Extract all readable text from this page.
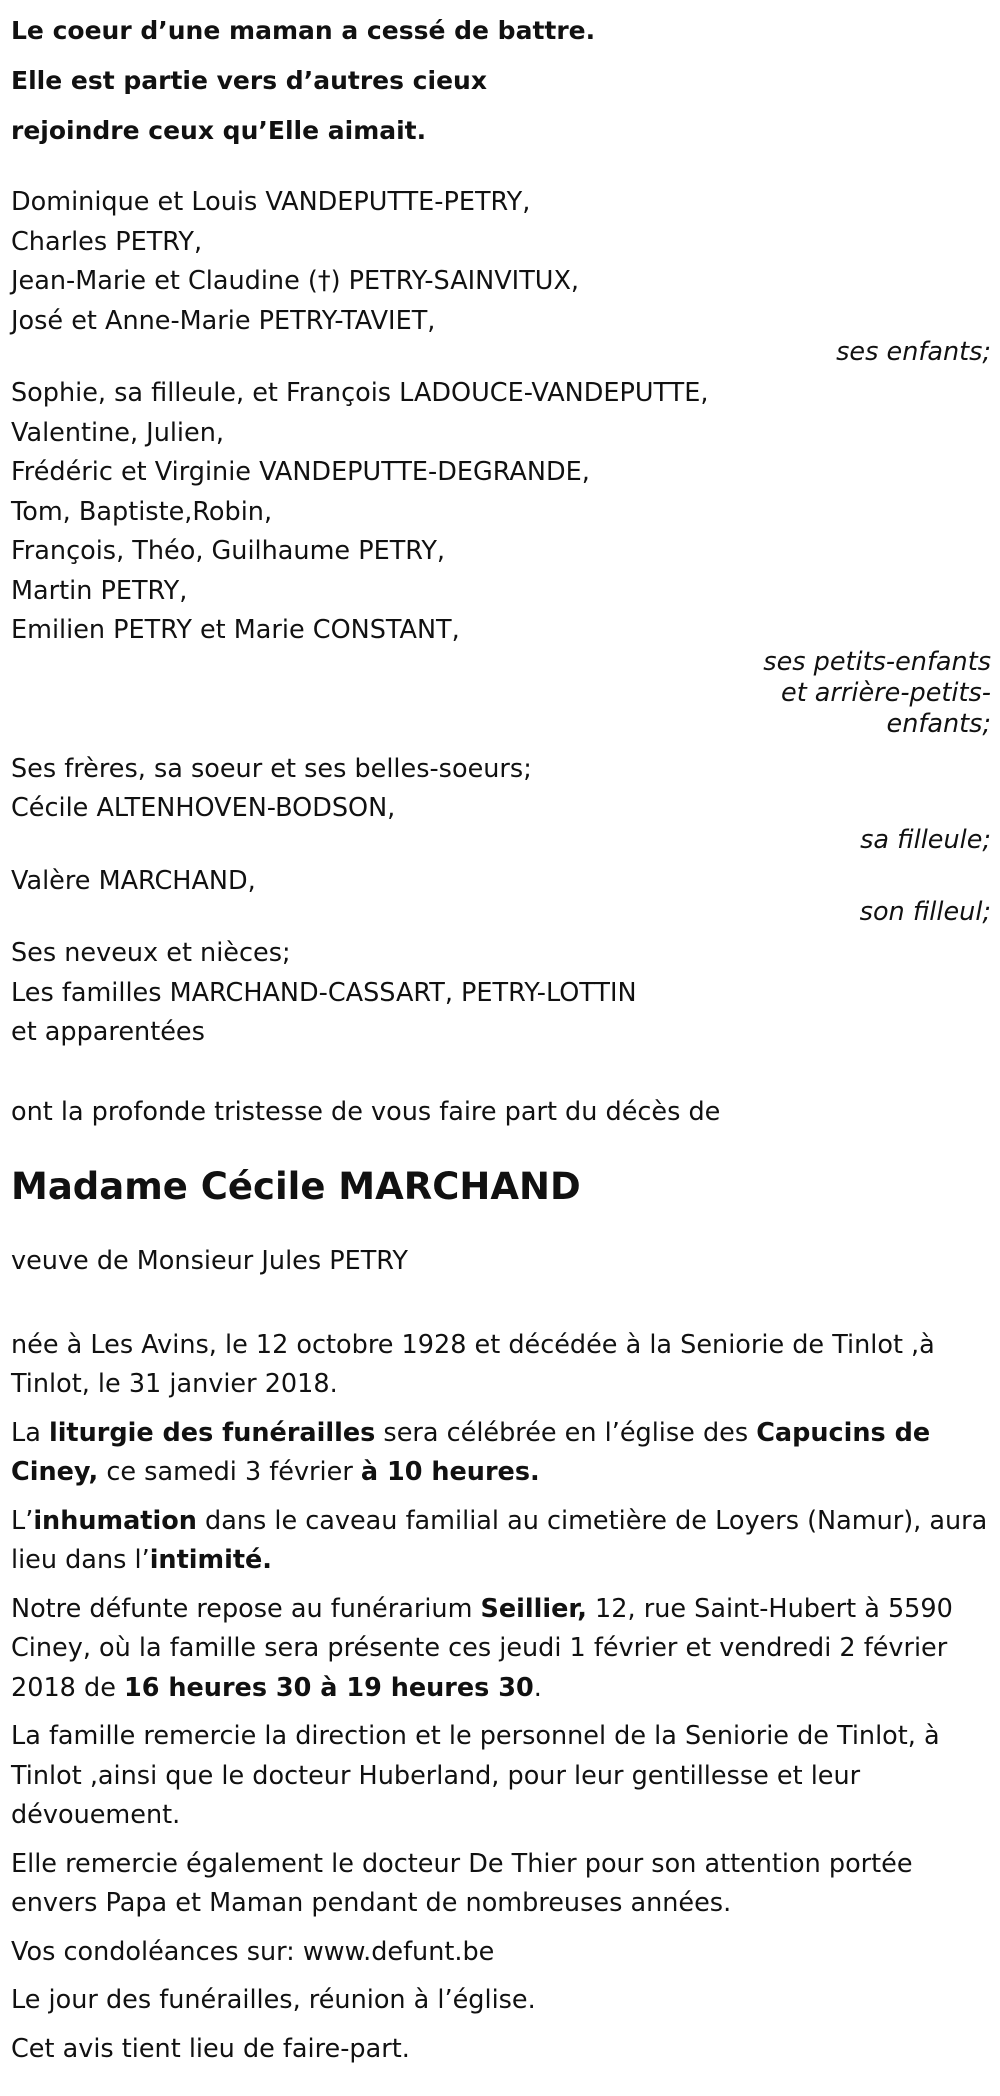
Le coeur d’une maman a cessé de battre.
Elle est partie vers d’autres cieux
rejoindre ceux qu’Elle aimait.
Dominique et Louis VANDEPUTTE-PETRY,
Charles PETRY,
Jean-Marie et Claudine (†) PETRY-SAINVITUX,
José et Anne-Marie PETRY-TAVIET,
ses enfants;
Sophie, sa filleule, et François LADOUCE-VANDEPUTTE,
Valentine, Julien,
Frédéric et Virginie VANDEPUTTE-DEGRANDE,
Tom, Baptiste,Robin,
François, Théo, Guilhaume PETRY,
Martin PETRY,
Emilien PETRY et Marie CONSTANT,
ses petits-enfants
et arrière-petits-
enfants;
Ses frères, sa soeur et ses belles-soeurs;
Cécile ALTENHOVEN-BODSON,
sa filleule;
Valère MARCHAND,
son filleul;
Ses neveux et nièces;
Les familles MARCHAND-CASSART, PETRY-LOTTIN
et apparentées
ont la profonde tristesse de vous faire part du décès de
Madame Cécile MARCHAND
veuve de Monsieur Jules PETRY
née à Les Avins, le 12 octobre 1928 et décédée à la Seniorie de Tinlot ,à Tinlot, le 31 janvier 2018.
La liturgie des funérailles sera célébrée en l’église des Capucins de Ciney, ce samedi 3 février à 10 heures.
L’inhumation dans le caveau familial au cimetière de Loyers (Namur), aura lieu dans l’intimité.
Notre défunte repose au funérarium Seillier, 12, rue Saint-Hubert à 5590 Ciney, où la famille sera présente ces jeudi 1 février et vendredi 2 février 2018 de 16 heures 30 à 19 heures 30.
La famille remercie la direction et le personnel de la Seniorie de Tinlot, à Tinlot ,ainsi que le docteur Huberland, pour leur gentillesse et leur dévouement.
Elle remercie également le docteur De Thier pour son attention portée envers Papa et Maman pendant de nombreuses années.
Vos condoléances sur: www.defunt.be
Le jour des funérailles, réunion à l’église.
Cet avis tient lieu de faire-part.
